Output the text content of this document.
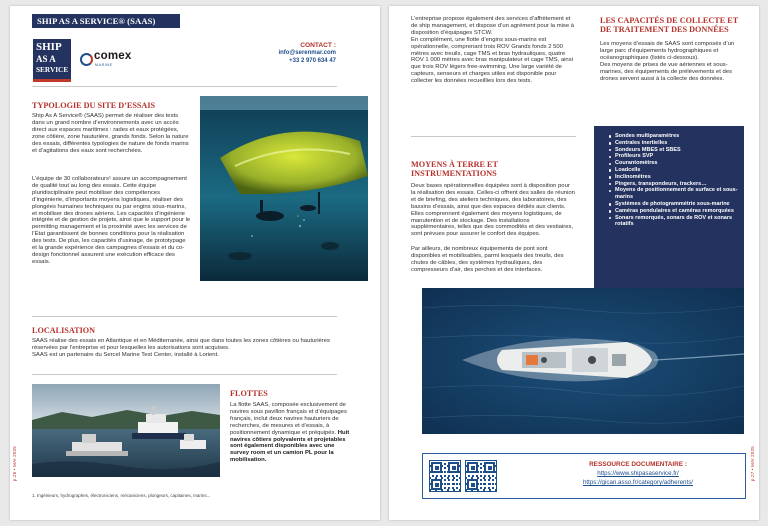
SHIP AS A SERVICE® (SAAS)
SHIP
AS A
SERVICE
comex
MARINE
CONTACT :
info@serenmar.com
+33 2 970 634 47
TYPOLOGIE DU SITE D’ESSAIS

Ship As A Service® (SAAS) permet de réaliser des tests dans un grand nombre d’environnements avec un accès direct aux espaces maritimes : rades et eaux protégées, zone côtière, zone hauturière, grands fonds. Selon la nature des essais, différentes typologies de nature de fonds marins et d’agitations des eaux sont recherchées.

L’équipe de 30 collaborateurs¹ assure un accompagnement de qualité tout au long des essais. Cette équipe pluridisciplinaire peut mobiliser des compétences d’ingénierie, d’importants moyens logistiques, réaliser des plongées humaines techniques ou par engins sous-marins, et mobiliser des drones aériens. Les capacités d’ingénierie intégrée et de gestion de projets, ainsi que le support pour le permitting management et la proximité avec les services de l’État garantissent de bonnes conditions pour la réalisation des tests. De plus, les capacités d’usinage, de prototypage et la grande expérience des campagnes d’essais et du co-design fonctionnel assurent une exécution efficace des essais.

LOCALISATION

SAAS réalise des essais en Atlantique et en Méditerranée, ainsi que dans toutes les zones côtières ou hauturières réservées par l’entreprise et pour lesquelles les autorisations sont acquises.

SAAS est un partenaire du Sercel Marine Test Center, installé à Lorient.

FLOTTES

La flotte SAAS, composée exclusivement de navires sous pavillon français et d’équipages français, inclut deux navires hauturiers de recherches, de mesures et d’essais, à positionnement dynamique et préquipés. Huit navires côtiers polyvalents et projetables sont également disponibles avec une survey room et un camion PL pour la mobilisation.

1. Ingénieurs, hydrographes, électroniciens, mécaniciens, plongeurs, capitaines, marins...
p.26 • MAI 2025

L’entreprise propose également des services d’affrètement et de ship management, et dispose d’un agrément pour la mise à disposition d’équipages STCW.
En complément, une flotte d’engins sous-marins est opérationnelle, comprenant trois ROV Grands fonds 2 500 mètres avec treuils, cage TMS et bras hydrauliques, quatre ROV 1 000 mètres avec bras manipulateur et cage TMS, ainsi que trois ROV légers free-swimming. Une large variété de capteurs, senseurs et charges utiles est disponible pour collecter les données recueillies lors des tests.

MOYENS À TERRE ET INSTRUMENTATIONS

Deux bases opérationnelles équipées sont à disposition pour la réalisation des essais. Celles-ci offrent des salles de réunion et de briefing, des ateliers techniques, des laboratoires, des bassins d’essais, ainsi que des espaces dédiés aux clients. Elles comprennent également des moyens logistiques, de manutention et de stockage. Des installations supplémentaires, telles que des commodités et des vestiaires, sont prévues pour assurer le confort des équipes.

Par ailleurs, de nombreux équipements de pont sont disponibles et mobilisables, parmi lesquels des treuils, des chutes de câbles, des systèmes hydrauliques, des compresseurs d’air, des perches et des interfaces.

LES CAPACITÉS DE COLLECTE ET DE TRAITEMENT DES DONNÉES

Les moyens d’essais de SAAS sont composés d’un large parc d’équipements hydrographiques et océanographiques (listés ci-dessous).
Des moyens de prises de vue aériennes et sous-marines, des équipements de prélèvements et des drones servent aussi à la collecte des données.

Sondes multiparamètres
Centrales inertielles
Sondeurs MBES et SBES
Profileurs SVP
Courantomètres
Loadcells
Inclinomètres
Pingers, transpondeurs, trackers…
Moyens de positionnement de surface et sous-marins
Systèmes de photogrammétrie sous-marine
Caméras pendulaires et caméras remorquées
Sonars remorqués, sonars de ROV et sonars rotatifs
RESSOURCE DOCUMENTAIRE :
https://www.shipasaservice.fr/
https://gican.asso.fr/category/adherents/
p.27 • MAI 2025
